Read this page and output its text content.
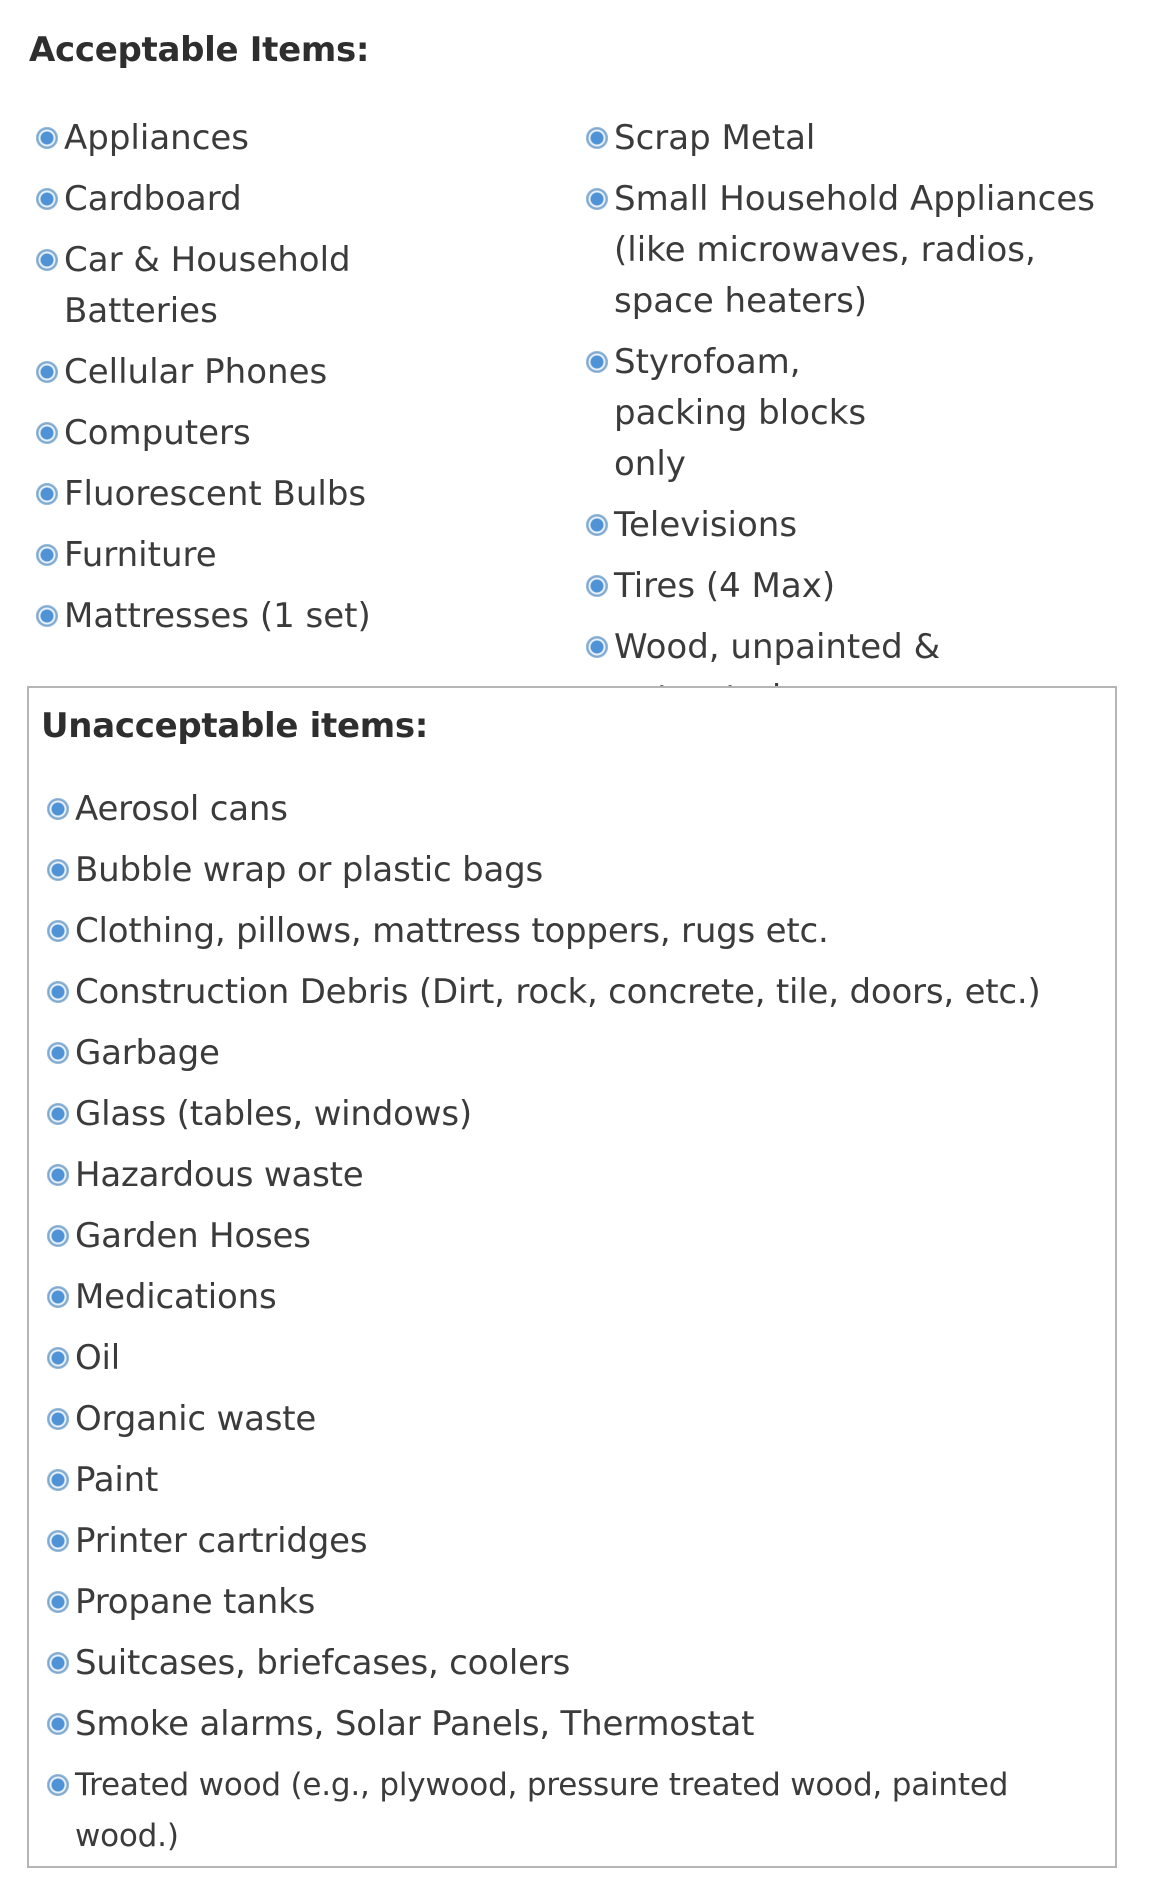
Acceptable Items:
Appliances
Cardboard
Car & Household Batteries
Cellular Phones
Computers
Fluorescent Bulbs
Furniture
Mattresses (1 set)
Scrap Metal
Small Household Appliances (like microwaves, radios, space heaters)
Styrofoam, packing blocks only
Televisions
Tires (4 Max)
Wood, unpainted &
Unacceptable items:
Aerosol cans
Bubble wrap or plastic bags
Clothing, pillows, mattress toppers, rugs etc.
Construction Debris (Dirt, rock, concrete, tile, doors, etc.)
Garbage
Glass (tables, windows)
Hazardous waste
Garden Hoses
Medications
Oil
Organic waste
Paint
Printer cartridges
Propane tanks
Suitcases, briefcases, coolers
Smoke alarms, Solar Panels, Thermostat
Treated wood (e.g., plywood, pressure treated wood, painted wood.)
